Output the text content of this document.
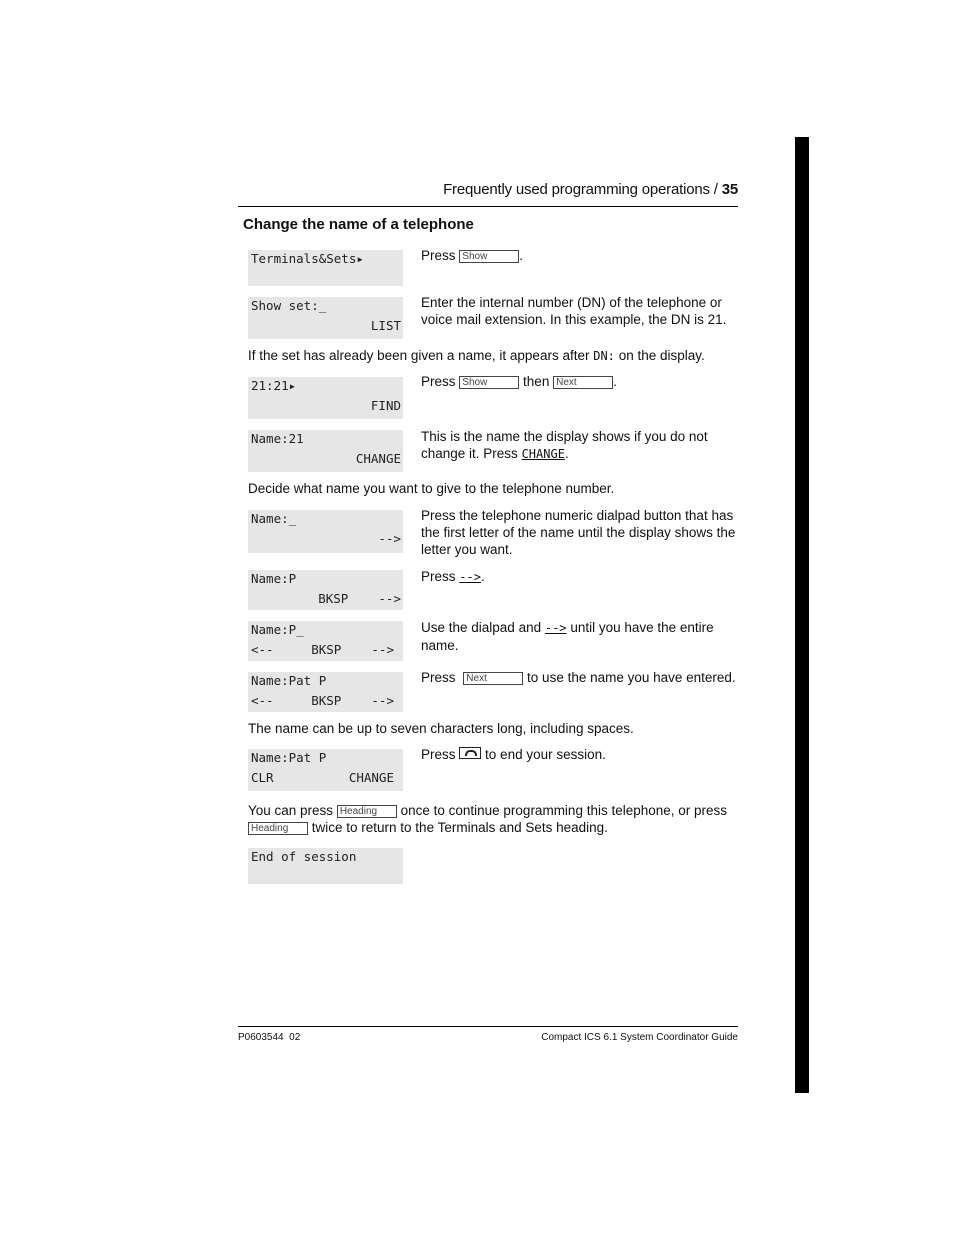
Frequently used programming operations / 35
Change the name of a telephone
Terminals&Sets▸	Press Show .
Show set:_
LIST
Enter the internal number (DN) of the telephone or voice mail extension. In this example, the DN is 21.
If the set has already been given a name, it appears after DN: on the display.
21:21▸
FIND
Press Show	then Next	.
Name:21
CHANGE
This is the name the display shows if you do not change it. Press CHANGE.
Decide what name you want to give to the telephone number.
Name:_
-->
Press the telephone numeric dialpad button that has the first letter of the name until the display shows the letter you want.
Name:P
BKSP    -->
Press -->.
Name:P_
<--     BKSP    -->
Use the dialpad and --> until you have the entire name.
Name:Pat P
<--     BKSP    -->
Press Next	to use the name you have entered.
The name can be up to seven characters long, including spaces.
Name:Pat P
CLR          CHANGE
Press to end your session.
You can press Heading once to continue programming this telephone, or press Heading twice to return to the Terminals and Sets heading.
End of session
P0603544  02	Compact ICS 6.1 System Coordinator Guide
